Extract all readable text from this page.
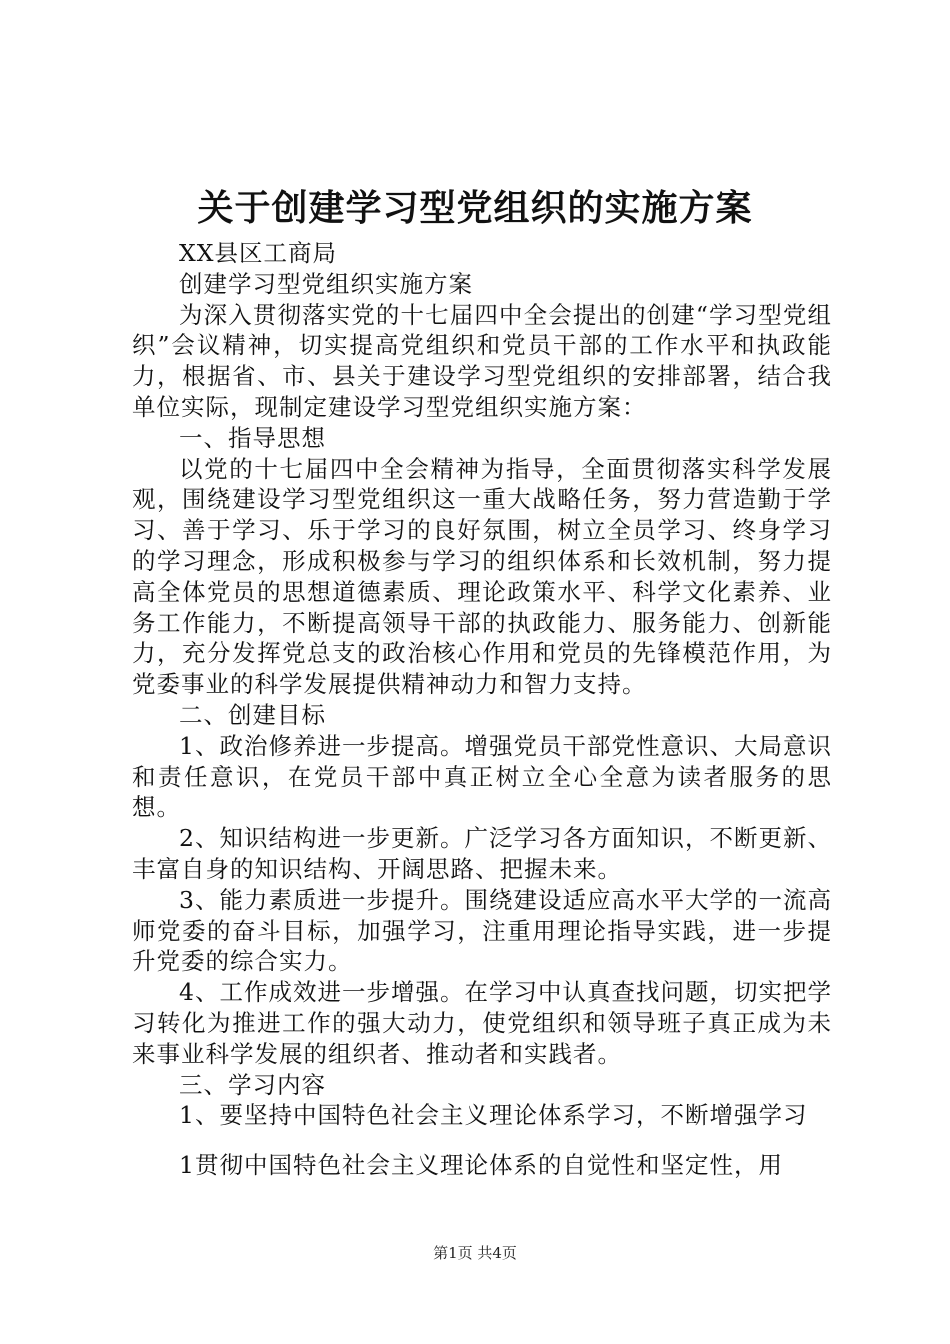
关于创建学习型党组织的实施方案

XX县区工商局

创建学习型党组织实施方案

为深入贯彻落实党的十七届四中全会提出的创建“学习型党组织”会议精神，切实提高党组织和党员干部的工作水平和执政能力，根据省、市、县关于建设学习型党组织的安排部署，结合我单位实际，现制定建设学习型党组织实施方案：

一、指导思想

以党的十七届四中全会精神为指导，全面贯彻落实科学发展观，围绕建设学习型党组织这一重大战略任务，努力营造勤于学习、善于学习、乐于学习的良好氛围，树立全员学习、终身学习的学习理念，形成积极参与学习的组织体系和长效机制，努力提高全体党员的思想道德素质、理论政策水平、科学文化素养、业务工作能力，不断提高领导干部的执政能力、服务能力、创新能力，充分发挥党总支的政治核心作用和党员的先锋模范作用，为党委事业的科学发展提供精神动力和智力支持。

二、创建目标

1、政治修养进一步提高。增强党员干部党性意识、大局意识和责任意识，在党员干部中真正树立全心全意为读者服务的思想。

2、知识结构进一步更新。广泛学习各方面知识，不断更新、丰富自身的知识结构、开阔思路、把握未来。

3、能力素质进一步提升。围绕建设适应高水平大学的一流高师党委的奋斗目标，加强学习，注重用理论指导实践，进一步提升党委的综合实力。

4、工作成效进一步增强。在学习中认真查找问题，切实把学习转化为推进工作的强大动力，使党组织和领导班子真正成为未来事业科学发展的组织者、推动者和实践者。

三、学习内容

1、要坚持中国特色社会主义理论体系学习，不断增强学习

1贯彻中国特色社会主义理论体系的自觉性和坚定性，用

第1页 共4页
